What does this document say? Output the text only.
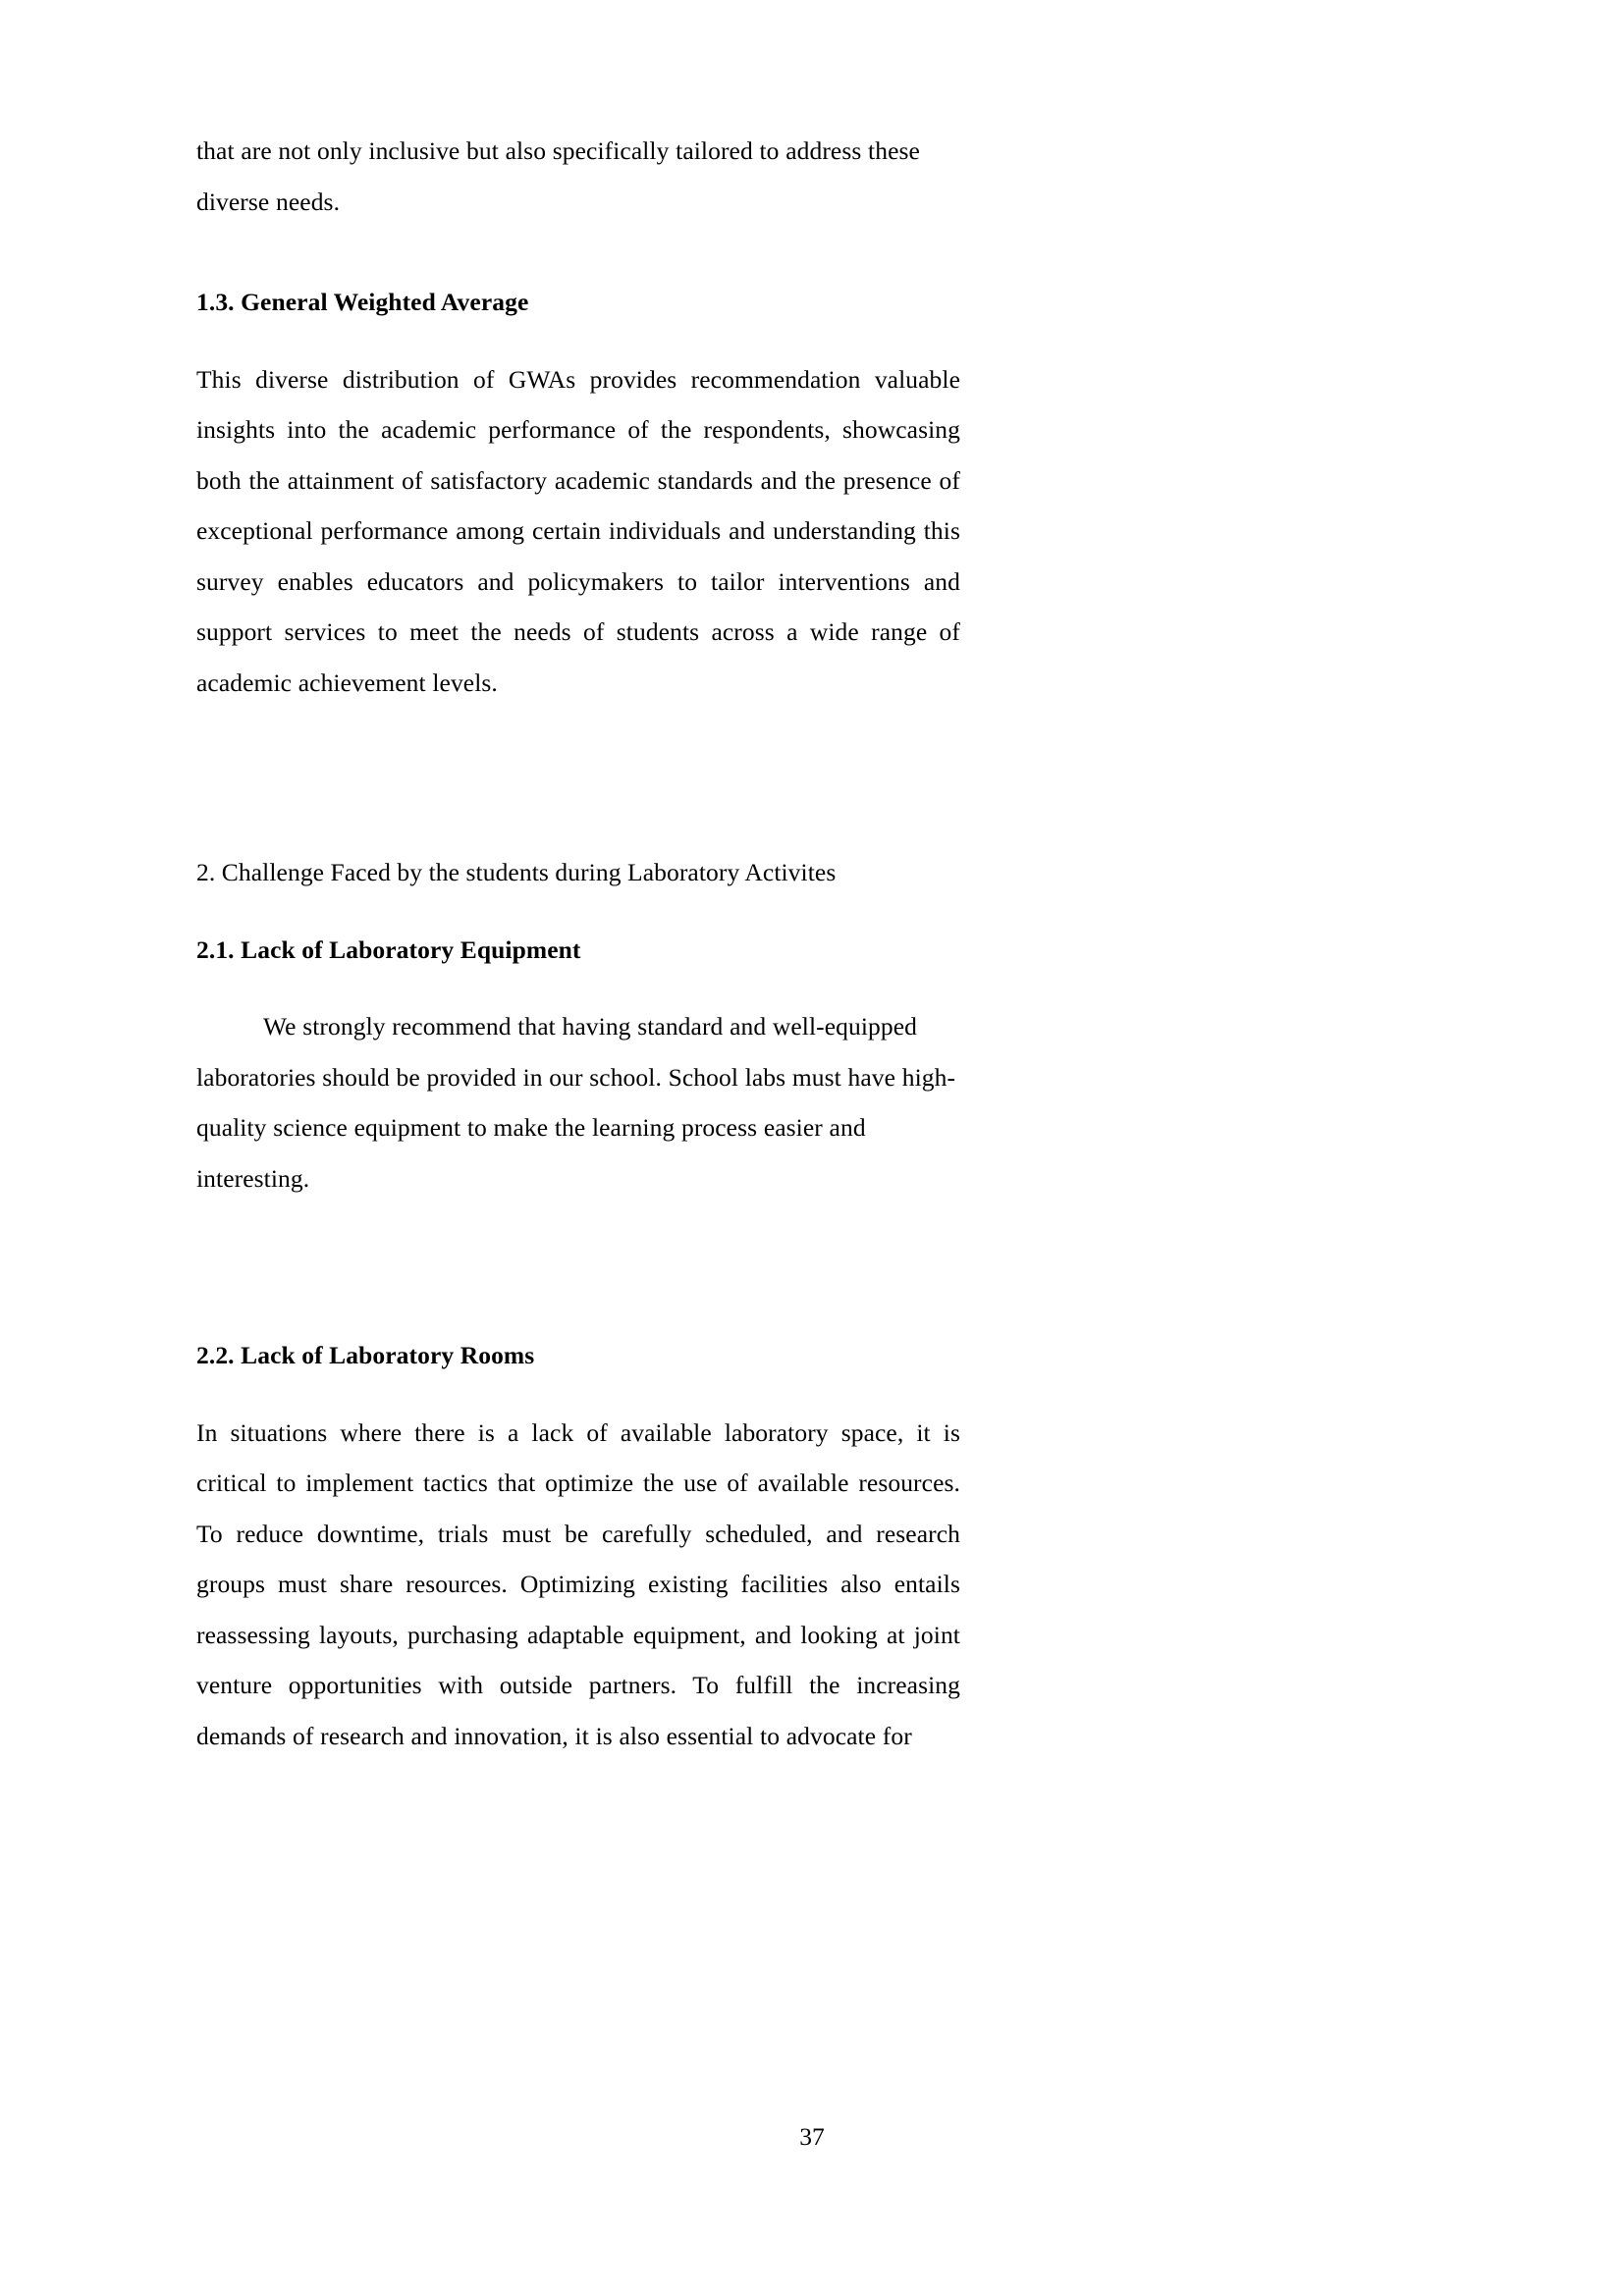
that are not only inclusive but also specifically tailored to address these diverse needs.

1.3. General Weighted Average

This diverse distribution of GWAs provides recommendation valuable insights into the academic performance of the respondents, showcasing both the attainment of satisfactory academic standards and the presence of exceptional performance among certain individuals and understanding this survey enables educators and policymakers to tailor interventions and support services to meet the needs of students across a wide range of academic achievement levels.

2. Challenge Faced by the students during Laboratory Activites

2.1. Lack of Laboratory Equipment

We strongly recommend that having standard and well-equipped laboratories should be provided in our school. School labs must have high-quality science equipment to make the learning process easier and interesting.

2.2. Lack of Laboratory Rooms

In situations where there is a lack of available laboratory space, it is critical to implement tactics that optimize the use of available resources. To reduce downtime, trials must be carefully scheduled, and research groups must share resources. Optimizing existing facilities also entails reassessing layouts, purchasing adaptable equipment, and looking at joint venture opportunities with outside partners. To fulfill the increasing demands of research and innovation, it is also essential to advocate for

37
